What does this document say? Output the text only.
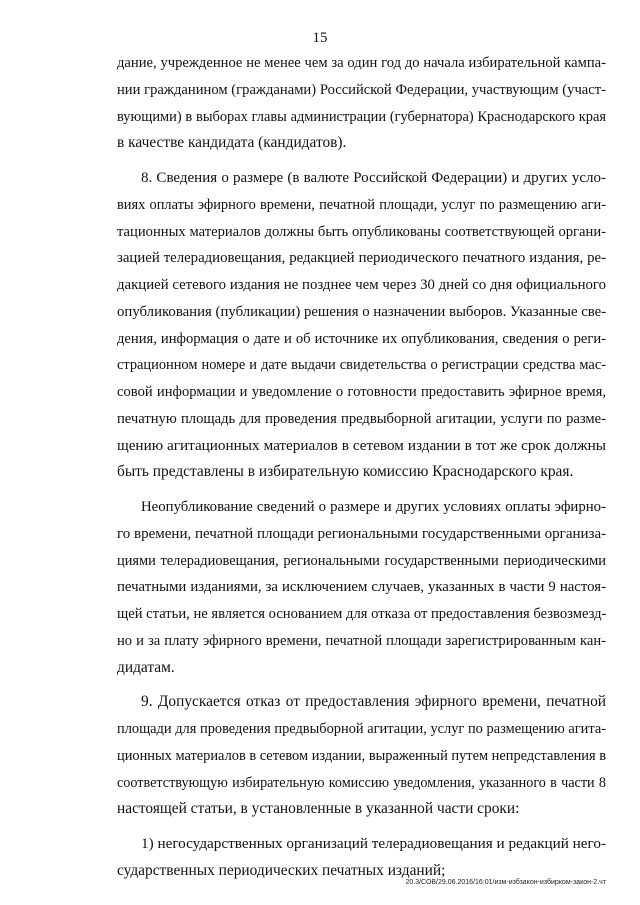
15
дание, учрежденное не менее чем за один год до начала избирательной кампа-
нии гражданином (гражданами) Российской Федерации, участвующим (участ-
вующими) в выборах главы администрации (губернатора) Краснодарского края
в качестве кандидата (кандидатов).
8. Сведения о размере (в валюте Российской Федерации) и других усло-
виях оплаты эфирного времени, печатной площади, услуг по размещению аги-
тационных материалов должны быть опубликованы соответствующей органи-
зацией телерадиовещания, редакцией периодического печатного издания, ре-
дакцией сетевого издания не позднее чем через 30 дней со дня официального
опубликования (публикации) решения о назначении выборов. Указанные све-
дения, информация о дате и об источнике их опубликования, сведения о реги-
страционном номере и дате выдачи свидетельства о регистрации средства мас-
совой информации и уведомление о готовности предоставить эфирное время,
печатную площадь для проведения предвыборной агитации, услуги по разме-
щению агитационных материалов в сетевом издании в тот же срок должны
быть представлены в избирательную комиссию Краснодарского края.
Неопубликование сведений о размере и других условиях оплаты эфирно-
го времени, печатной площади региональными государственными организа-
циями телерадиовещания, региональными государственными периодическими
печатными изданиями, за исключением случаев, указанных в части 9 настоя-
щей статьи, не является основанием для отказа от предоставления безвозмезд-
но и за плату эфирного времени, печатной площади зарегистрированным кан-
дидатам.
9. Допускается отказ от предоставления эфирного времени, печатной
площади для проведения предвыборной агитации, услуг по размещению агита-
ционных материалов в сетевом издании, выраженный путем непредставления в
соответствующую избирательную комиссию уведомления, указанного в части 8
настоящей статьи, в установленные в указанной части сроки:
1) негосударственных организаций телерадиовещания и редакций него-
сударственных периодических печатных изданий;
20.3/СОВ/29.06.2016/16:01/изм-избзакон-избирком-закон-2.чт
